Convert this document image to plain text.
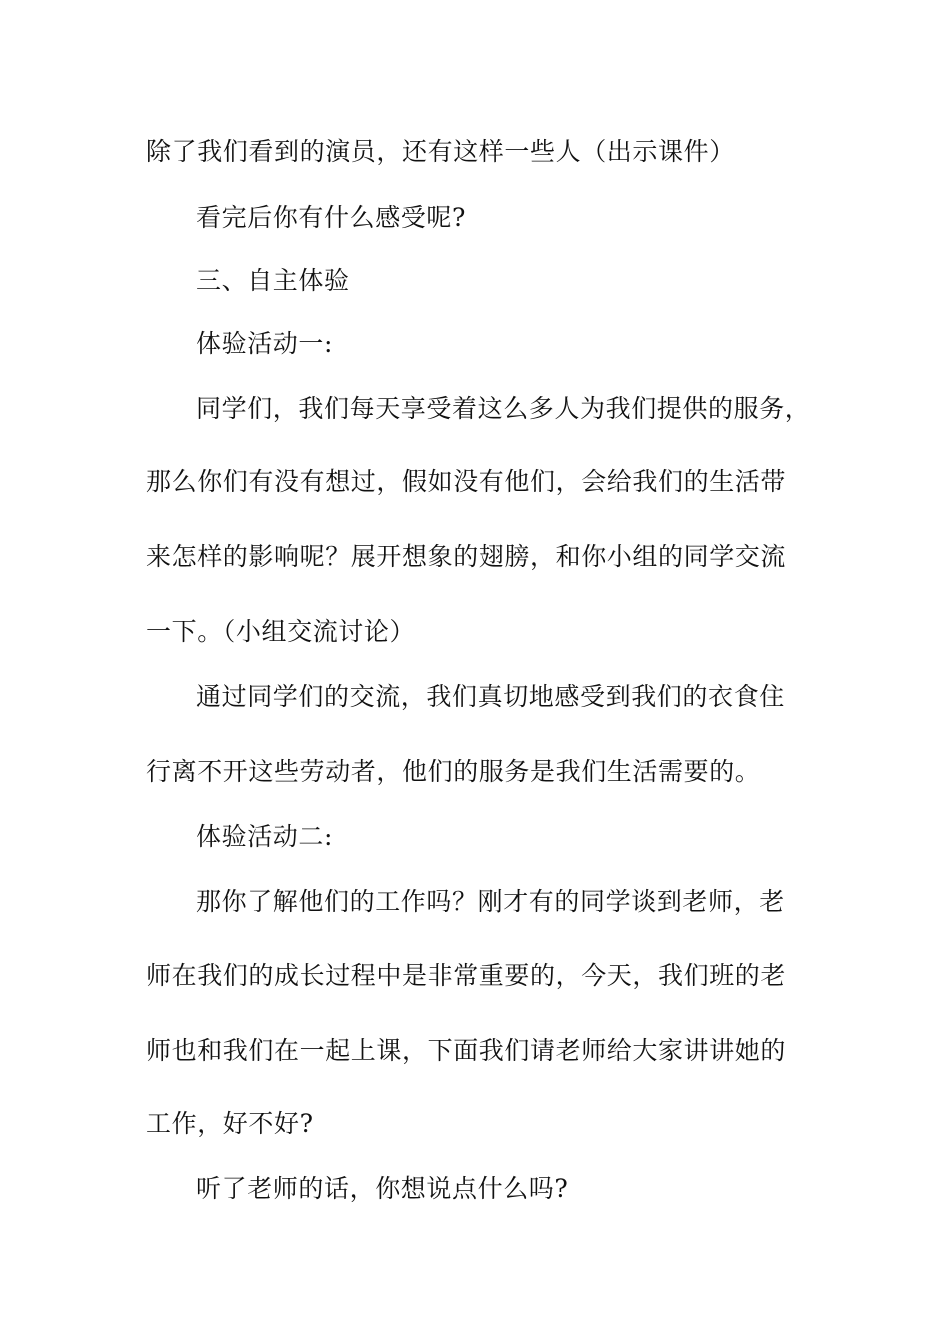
除了我们看到的演员，还有这样一些人（出示课件）
看完后你有什么感受呢?
三、自主体验
体验活动一:
同学们，我们每天享受着这么多人为我们提供的服务，
那么你们有没有想过，假如没有他们，会给我们的生活带
来怎样的影响呢？展开想象的翅膀，和你小组的同学交流
一下。（小组交流讨论）
通过同学们的交流，我们真切地感受到我们的衣食住
行离不开这些劳动者，他们的服务是我们生活需要的。
体验活动二:
那你了解他们的工作吗？刚才有的同学谈到老师，老
师在我们的成长过程中是非常重要的，今天，我们班的老
师也和我们在一起上课，下面我们请老师给大家讲讲她的
工作，好不好?
听了老师的话，你想说点什么吗?
